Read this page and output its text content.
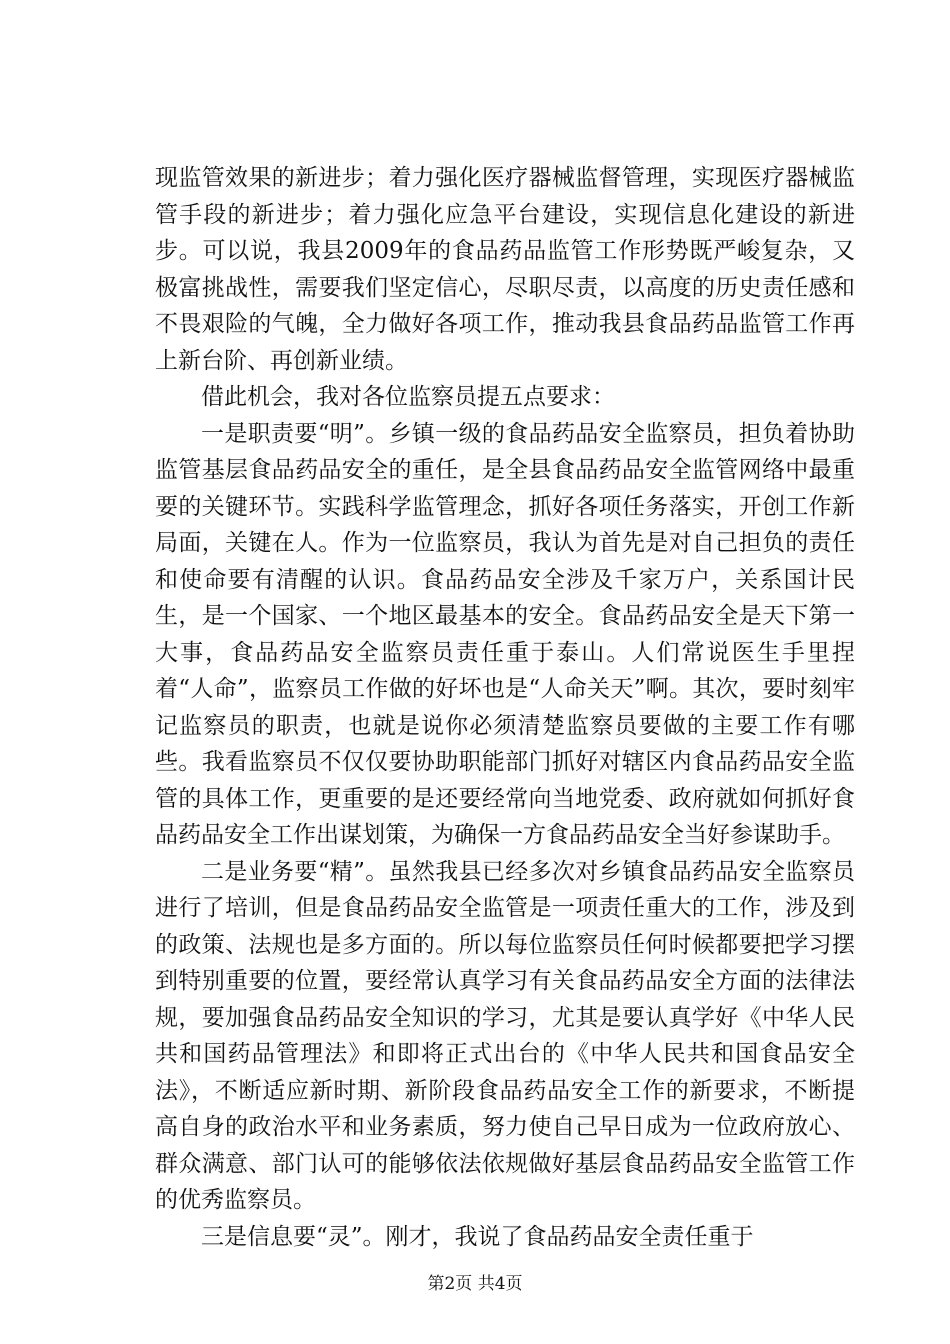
现监管效果的新进步；着力强化医疗器械监督管理，实现医疗器械监管手段的新进步；着力强化应急平台建设，实现信息化建设的新进步。可以说，我县2009年的食品药品监管工作形势既严峻复杂，又极富挑战性，需要我们坚定信心，尽职尽责，以高度的历史责任感和不畏艰险的气魄，全力做好各项工作，推动我县食品药品监管工作再上新台阶、再创新业绩。

借此机会，我对各位监察员提五点要求：

一是职责要“明”。乡镇一级的食品药品安全监察员，担负着协助监管基层食品药品安全的重任，是全县食品药品安全监管网络中最重要的关键环节。实践科学监管理念，抓好各项任务落实，开创工作新局面，关键在人。作为一位监察员，我认为首先是对自己担负的责任和使命要有清醒的认识。食品药品安全涉及千家万户，关系国计民生，是一个国家、一个地区最基本的安全。食品药品安全是天下第一大事，食品药品安全监察员责任重于泰山。人们常说医生手里捏着“人命”，监察员工作做的好坏也是“人命关天”啊。其次，要时刻牢记监察员的职责，也就是说你必须清楚监察员要做的主要工作有哪些。我看监察员不仅仅要协助职能部门抓好对辖区内食品药品安全监管的具体工作，更重要的是还要经常向当地党委、政府就如何抓好食品药品安全工作出谋划策，为确保一方食品药品安全当好参谋助手。

二是业务要“精”。虽然我县已经多次对乡镇食品药品安全监察员进行了培训，但是食品药品安全监管是一项责任重大的工作，涉及到的政策、法规也是多方面的。所以每位监察员任何时候都要把学习摆到特别重要的位置，要经常认真学习有关食品药品安全方面的法律法规，要加强食品药品安全知识的学习，尤其是要认真学好《中华人民共和国药品管理法》和即将正式出台的《中华人民共和国食品安全法》，不断适应新时期、新阶段食品药品安全工作的新要求，不断提高自身的政治水平和业务素质，努力使自己早日成为一位政府放心、群众满意、部门认可的能够依法依规做好基层食品药品安全监管工作的优秀监察员。

三是信息要“灵”。刚才，我说了食品药品安全责任重于

第2页 共4页
